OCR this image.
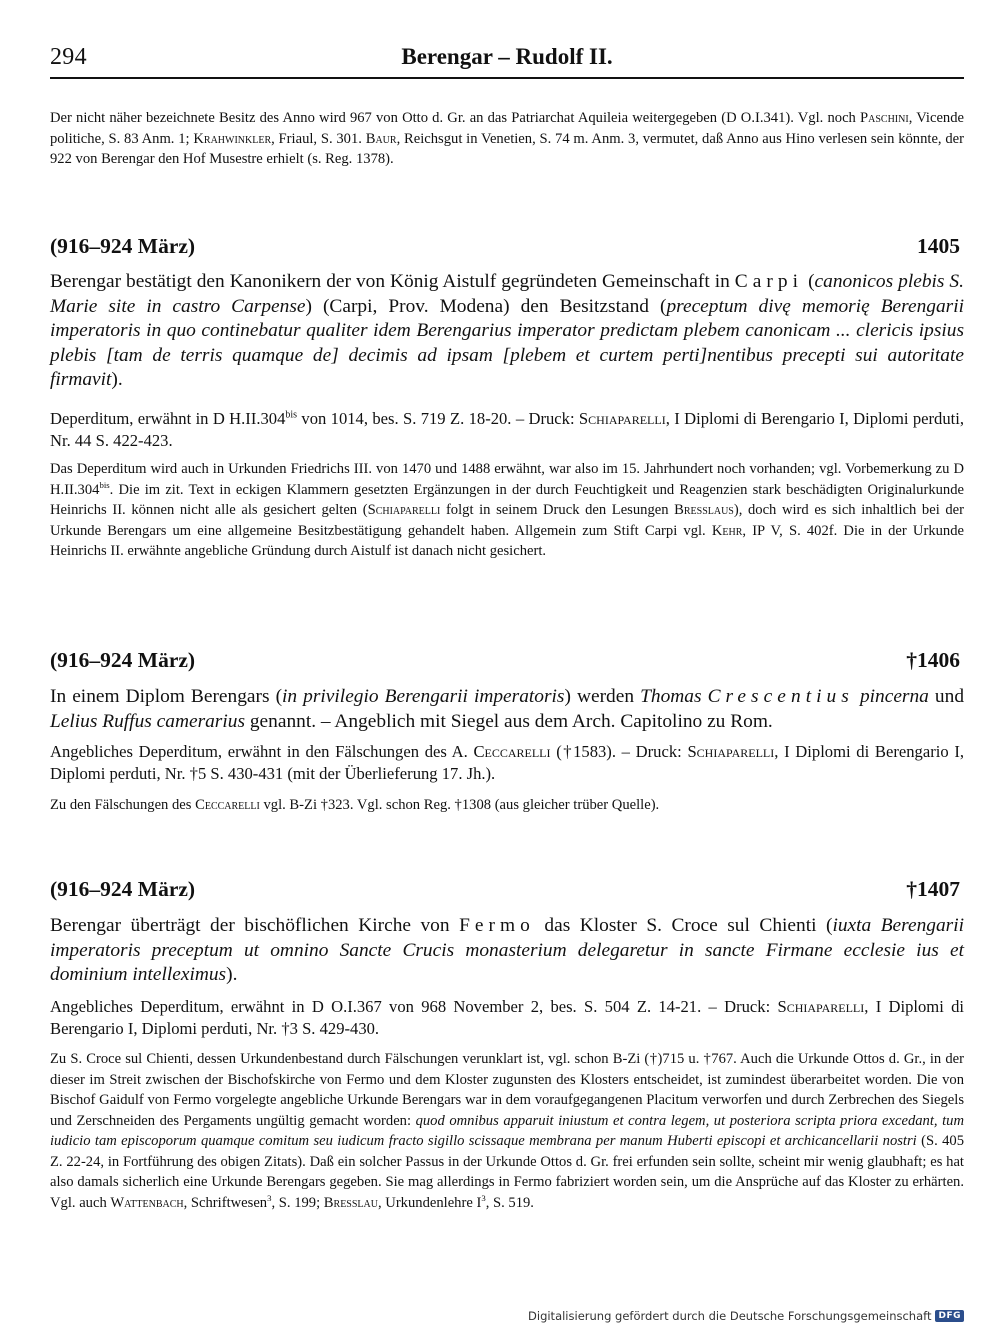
294	Berengar – Rudolf II.

Der nicht näher bezeichnete Besitz des Anno wird 967 von Otto d. Gr. an das Patriarchat Aquileia weitergegeben (D O.I.341). Vgl. noch Paschini, Vicende politiche, S. 83 Anm. 1; Krahwinkler, Friaul, S. 301. Baur, Reichsgut in Venetien, S. 74 m. Anm. 3, vermutet, daß Anno aus Hino verlesen sein könnte, der 922 von Berengar den Hof Musestre erhielt (s. Reg. 1378).

(916–924 März)	1405

Berengar bestätigt den Kanonikern der von König Aistulf gegründeten Gemeinschaft in Carpi (canonicos plebis S. Marie site in castro Carpense) (Carpi, Prov. Modena) den Besitzstand (preceptum divę memorię Berengarii imperatoris in quo continebatur qualiter idem Berengarius imperator predictam plebem canonicam ... clericis ipsius plebis [tam de terris quamque de] decimis ad ipsam [plebem et curtem perti]nentibus precepti sui autoritate firmavit).

Deperditum, erwähnt in D $H.II.304^{bis}$ von 1014, bes. S. 719 Z. 18-20. – Druck: Schiaparelli, I Diplomi di Berengario I, Diplomi perduti, Nr. 44 S. 422-423.

Das Deperditum wird auch in Urkunden Friedrichs III. von 1470 und 1488 erwähnt, war also im 15. Jahrhundert noch vorhanden; vgl. Vorbemerkung zu D $H.II.304^{bis}$. Die im zit. Text in eckigen Klammern gesetzten Ergänzungen in der durch Feuchtigkeit und Reagenzien stark beschädigten Originalurkunde Heinrichs II. können nicht alle als gesichert gelten (Schiaparelli folgt in seinem Druck den Lesungen Bresslaus), doch wird es sich inhaltlich bei der Urkunde Berengars um eine allgemeine Besitzbestätigung gehandelt haben. Allgemein zum Stift Carpi vgl. Kehr, IP V, S. 402f. Die in der Urkunde Heinrichs II. erwähnte angebliche Gründung durch Aistulf ist danach nicht gesichert.

(916–924 März)	†1406

In einem Diplom Berengars (in privilegio Berengarii imperatoris) werden Thomas Crescentius pincerna und Lelius Ruffus camerarius genannt. – Angeblich mit Siegel aus dem Arch. Capitolino zu Rom.

Angebliches Deperditum, erwähnt in den Fälschungen des A. Ceccarelli (†1583). – Druck: Schiaparelli, I Diplomi di Berengario I, Diplomi perduti, Nr. †5 S. 430-431 (mit der Überlieferung 17. Jh.).

Zu den Fälschungen des Ceccarelli vgl. B-Zi †323. Vgl. schon Reg. †1308 (aus gleicher trüber Quelle).

(916–924 März)	†1407

Berengar überträgt der bischöflichen Kirche von Fermo das Kloster S. Croce sul Chienti (iuxta Berengarii imperatoris preceptum ut omnino Sancte Crucis monasterium delegaretur in sancte Firmane ecclesie ius et dominium intelleximus).

Angebliches Deperditum, erwähnt in D O.I.367 von 968 November 2, bes. S. 504 Z. 14-21. – Druck: Schiaparelli, I Diplomi di Berengario I, Diplomi perduti, Nr. †3 S. 429-430.

Zu S. Croce sul Chienti, dessen Urkundenbestand durch Fälschungen verunklart ist, vgl. schon B-Zi (†)715 u. †767. Auch die Urkunde Ottos d. Gr., in der dieser im Streit zwischen der Bischofskirche von Fermo und dem Kloster zugunsten des Klosters entscheidet, ist zumindest überarbeitet worden. Die von Bischof Gaidulf von Fermo vorgelegte angebliche Urkunde Berengars war in dem voraufgegangenen Placitum verworfen und durch Zerbrechen des Siegels und Zerschneiden des Pergaments ungültig gemacht worden: quod omnibus apparuit iniustum et contra legem, ut posteriora scripta priora excedant, tum iudicio tam episcoporum quamque comitum seu iudicum fracto sigillo scissaque membrana per manum Huberti episcopi et archicancellarii nostri (S. 405 Z. 22-24, in Fortführung des obigen Zitats). Daß ein solcher Passus in der Urkunde Ottos d. Gr. frei erfunden sein sollte, scheint mir wenig glaubhaft; es hat also damals sicherlich eine Urkunde Berengars gegeben. Sie mag allerdings in Fermo fabriziert worden sein, um die Ansprüche auf das Kloster zu erhärten. Vgl. auch Wattenbach, Schriftwesen$^3$, S. 199; Bresslau, Urkundenlehre $I^3$, S. 519.

Digitalisierung gefördert durch die Deutsche Forschungsgemeinschaft DFG
